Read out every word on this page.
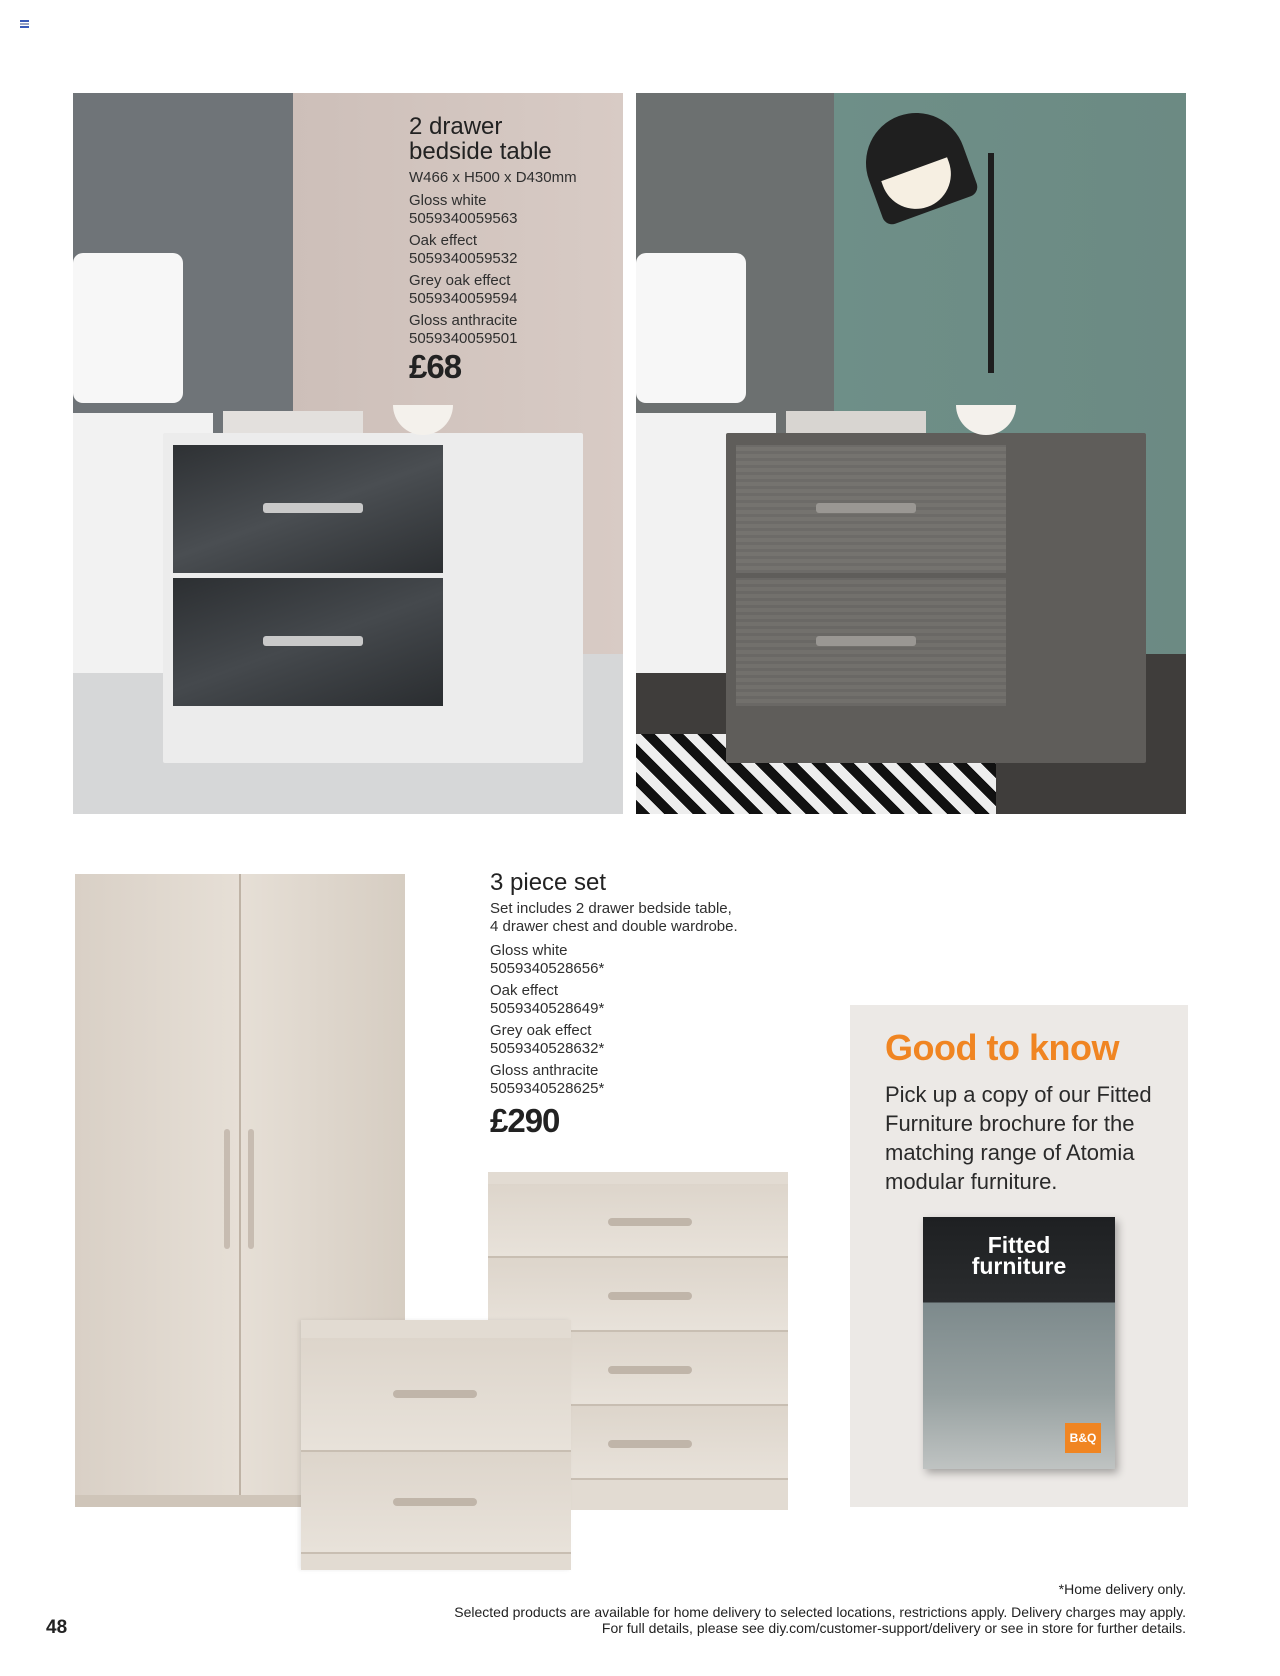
2 drawer
bedside table
W466 x H500 x D430mm
Gloss white
5059340059563
Oak effect
5059340059532
Grey oak effect
5059340059594
Gloss anthracite
5059340059501
£68
3 piece set
Set includes 2 drawer bedside table,
4 drawer chest and double wardrobe.
Gloss white
5059340528656*
Oak effect
5059340528649*
Grey oak effect
5059340528632*
Gloss anthracite
5059340528625*
£290
Good to know
Pick up a copy of our Fitted Furniture brochure for the matching range of Atomia modular furniture.
Fitted
furniture
B&Q
*Home delivery only.
Selected products are available for home delivery to selected locations, restrictions apply. Delivery charges may apply.
For full details, please see diy.com/customer-support/delivery or see in store for further details.
48
